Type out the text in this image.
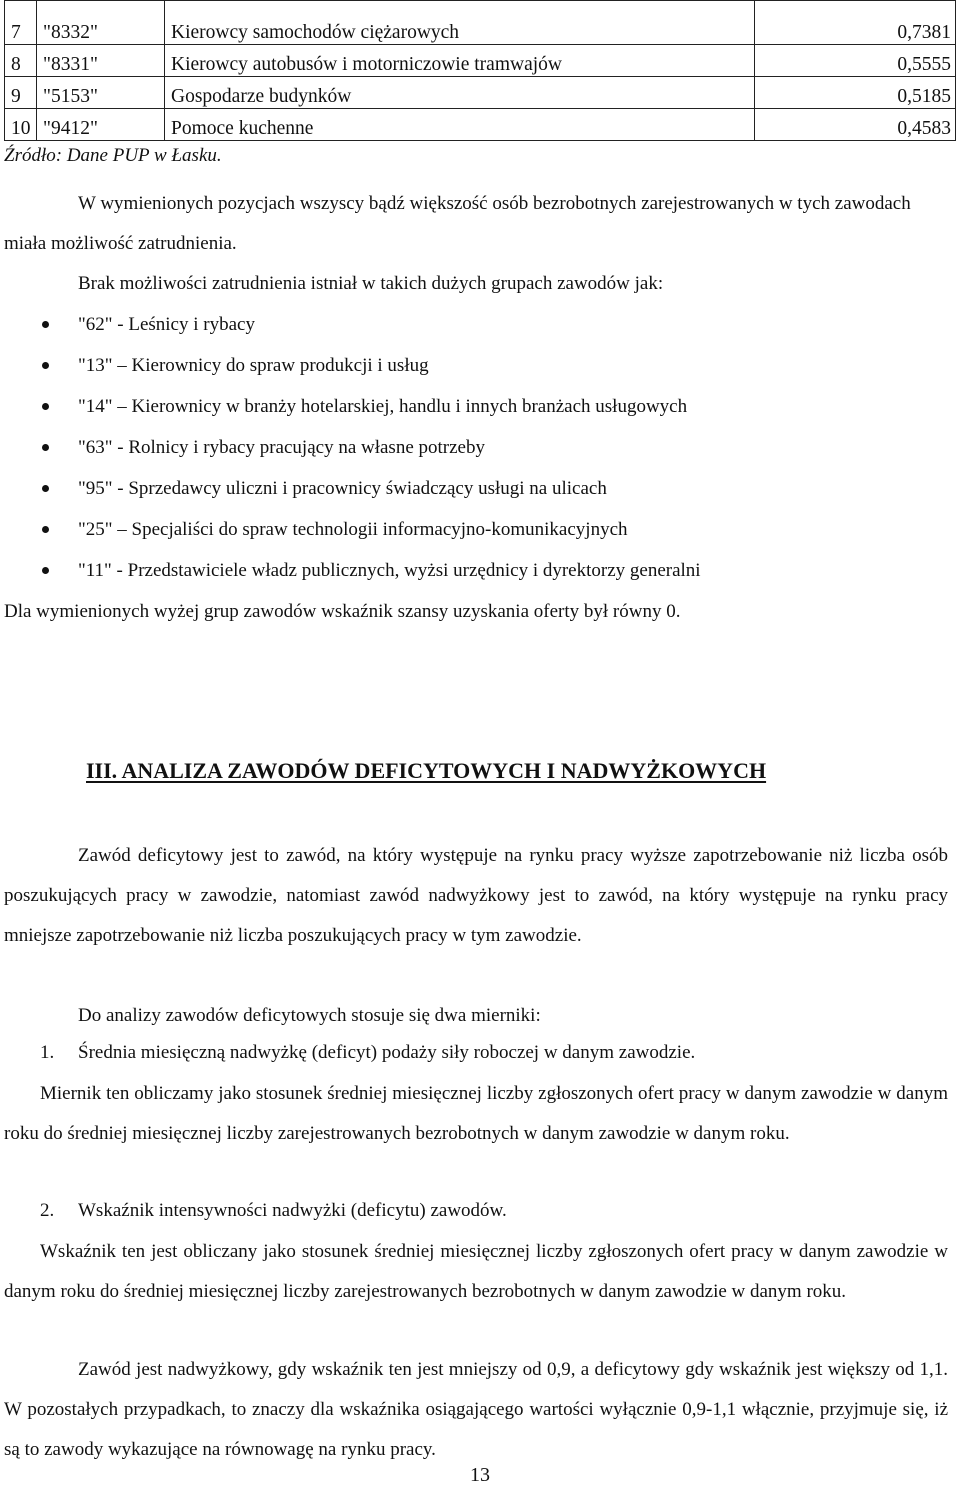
7	"8332"	Kierowcy samochodów ciężarowych	0,7381
8	"8331"	Kierowcy autobusów i motorniczowie tramwajów	0,5555
9	"5153"	Gospodarze budynków	0,5185
10	"9412"	Pomoce kuchenne	0,4583
Źródło: Dane PUP w Łasku.

W wymienionych pozycjach wszyscy bądź większość osób bezrobotnych zarejestrowanych w tych zawodach miała możliwość zatrudnienia.

Brak możliwości zatrudnienia istniał w takich dużych grupach zawodów jak:

"62" - Leśnicy i rybacy
"13" – Kierownicy do spraw produkcji i usług
"14" – Kierownicy w branży hotelarskiej, handlu i innych branżach usługowych
"63" - Rolnicy i rybacy pracujący na własne potrzeby
"95" - Sprzedawcy uliczni i pracownicy świadczący usługi na ulicach
"25" – Specjaliści do spraw technologii informacyjno-komunikacyjnych
"11" - Przedstawiciele władz publicznych, wyżsi urzędnicy i dyrektorzy generalni

Dla wymienionych wyżej grup zawodów wskaźnik szansy uzyskania oferty był równy 0.

III. ANALIZA ZAWODÓW DEFICYTOWYCH I NADWYŻKOWYCH

Zawód deficytowy jest to zawód, na który występuje na rynku pracy wyższe zapotrzebowanie niż liczba osób poszukujących pracy w zawodzie, natomiast zawód nadwyżkowy jest to zawód, na który występuje na rynku pracy mniejsze zapotrzebowanie niż liczba poszukujących pracy w tym zawodzie.

Do analizy zawodów deficytowych stosuje się dwa mierniki:

1. Średnia miesięczną nadwyżkę (deficyt) podaży siły roboczej w danym zawodzie.

Miernik ten obliczamy jako stosunek średniej miesięcznej liczby zgłoszonych ofert pracy w danym zawodzie w danym roku do średniej miesięcznej liczby zarejestrowanych bezrobotnych w danym zawodzie w danym roku.

2. Wskaźnik intensywności nadwyżki (deficytu) zawodów.

Wskaźnik ten jest obliczany jako stosunek średniej miesięcznej liczby zgłoszonych ofert pracy w danym zawodzie w danym roku do średniej miesięcznej liczby zarejestrowanych bezrobotnych w danym zawodzie w danym roku.

Zawód jest nadwyżkowy, gdy wskaźnik ten jest mniejszy od 0,9, a deficytowy gdy wskaźnik jest większy od 1,1. W pozostałych przypadkach, to znaczy dla wskaźnika osiągającego wartości wyłącznie 0,9-1,1 włącznie, przyjmuje się, iż są to zawody wykazujące na równowagę na rynku pracy.

13
